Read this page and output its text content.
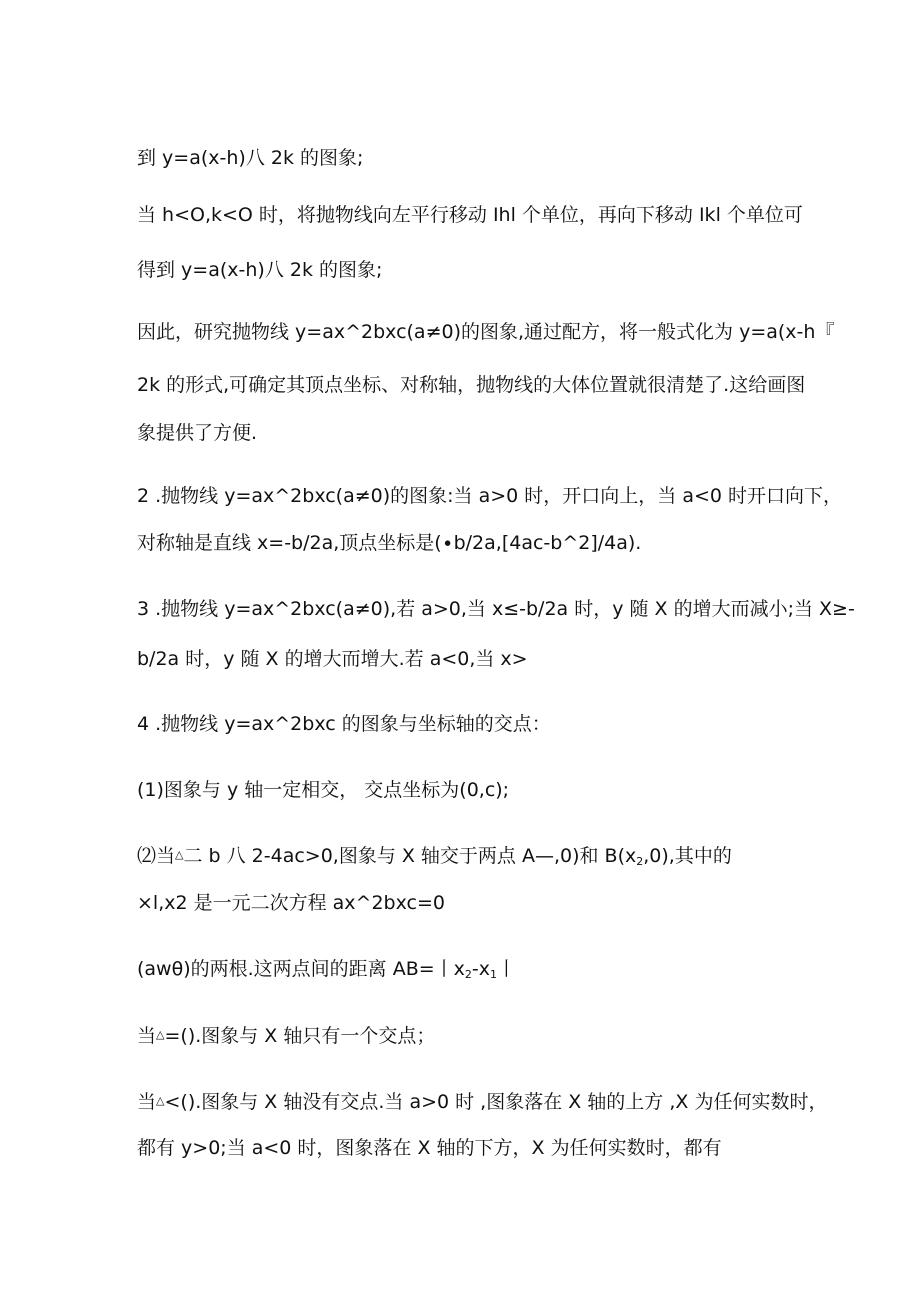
到 y=a(x-h)八 2k 的图象;
当 h<O,k<O 时，将抛物线向左平行移动 Ihl 个单位，再向下移动 Ikl 个单位可
得到 y=a(x-h)八 2k 的图象;
因此，研究抛物线 y=ax^2bxc(a≠0)的图象,通过配方，将一般式化为 y=a(x-h『
2k 的形式,可确定其顶点坐标、对称轴，抛物线的大体位置就很清楚了.这给画图
象提供了方便.
2 .抛物线 y=ax^2bxc(a≠0)的图象:当 a>0 时，开口向上，当 a<0 时开口向下，
对称轴是直线 x=-b∕2a,顶点坐标是(∙b∕2a,[4ac-b^2]∕4a).
3 .抛物线 y=ax^2bxc(a≠0),若 a>0,当 x≤-b∕2a 时，y 随 X 的增大而减小;当 X≥-
b∕2a 时，y 随 X 的增大而增大.若 a<0,当 x>
4 .抛物线 y=ax^2bxc 的图象与坐标轴的交点：
(1)图象与 y 轴一定相交， 交点坐标为(0,c);
⑵当△二 b 八 2-4ac>0,图象与 X 轴交于两点 A—,0)和 $B(x_2,0)$,其中的
×l,x2 是一元二次方程 ax^2bxc=0
(awθ)的两根.这两点间的距离 AB=丨$x_2-x_1$丨
当△=().图象与 X 轴只有一个交点；
当△<().图象与 X 轴没有交点.当 a>0 时 ,图象落在 X 轴的上方 ,X 为任何实数时，
都有 y>0;当 a<0 时，图象落在 X 轴的下方，X 为任何实数时，都有
